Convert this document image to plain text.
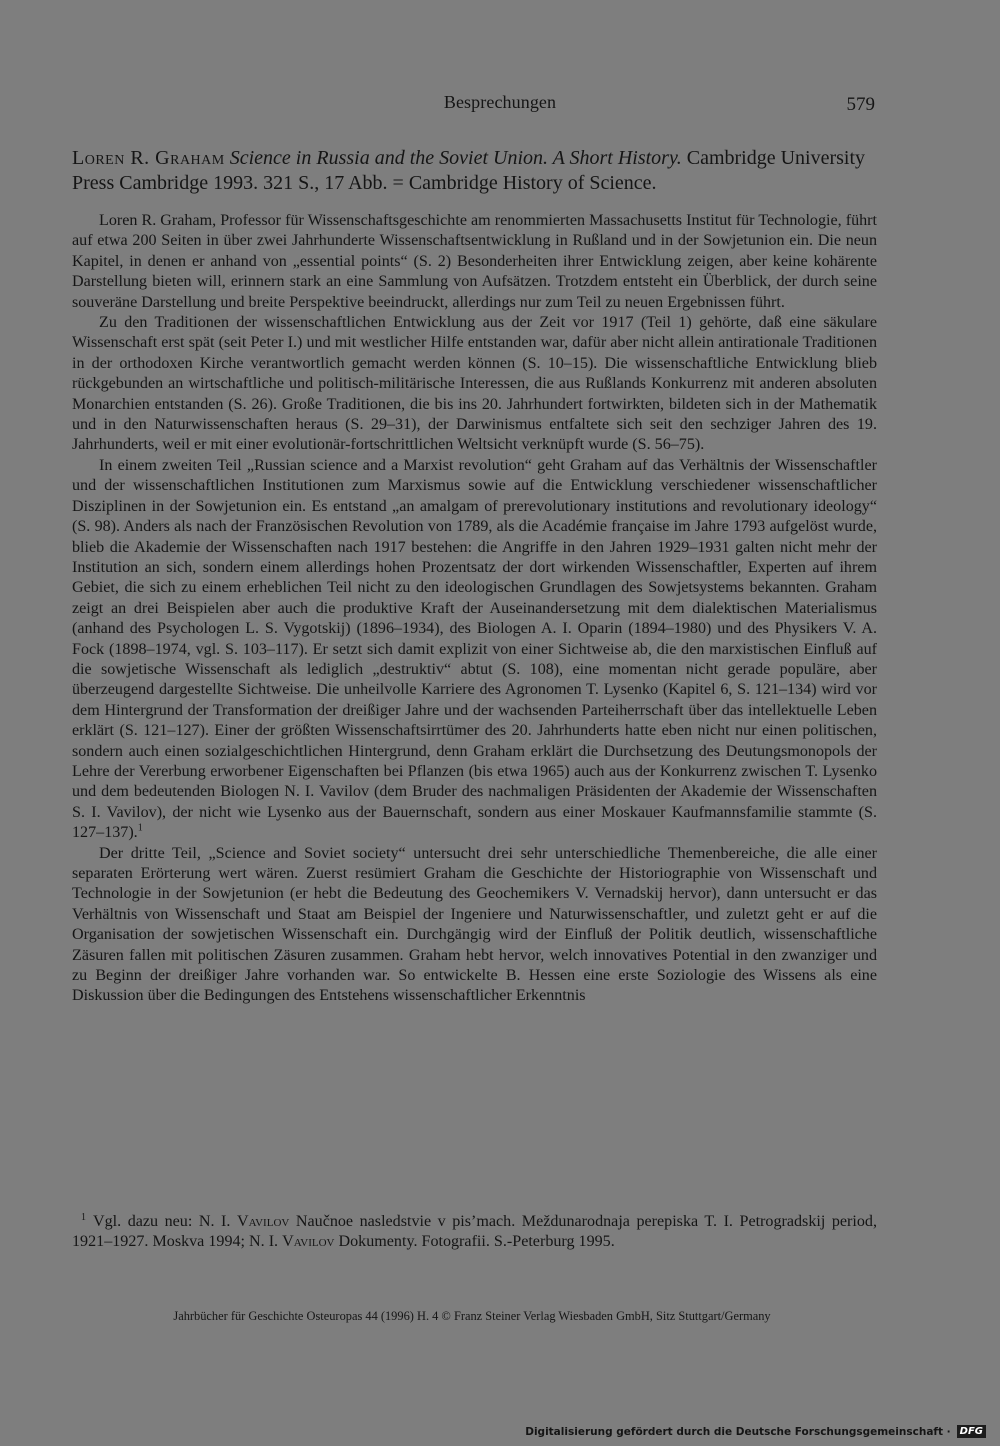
Besprechungen	579
Loren R. Graham Science in Russia and the Soviet Union. A Short History. Cambridge University Press Cambridge 1993. 321 S., 17 Abb. = Cambridge History of Science.

Loren R. Graham, Professor für Wissenschaftsgeschichte am renommierten Massachusetts Institut für Technologie, führt auf etwa 200 Seiten in über zwei Jahrhunderte Wissenschaftsentwicklung in Rußland und in der Sowjetunion ein. Die neun Kapitel, in denen er anhand von „essential points“ (S. 2) Besonderheiten ihrer Entwicklung zeigen, aber keine kohärente Darstellung bieten will, erinnern stark an eine Sammlung von Aufsätzen. Trotzdem entsteht ein Überblick, der durch seine souveräne Darstellung und breite Perspektive beeindruckt, allerdings nur zum Teil zu neuen Ergebnissen führt.

Zu den Traditionen der wissenschaftlichen Entwicklung aus der Zeit vor 1917 (Teil 1) gehörte, daß eine säkulare Wissenschaft erst spät (seit Peter I.) und mit westlicher Hilfe entstanden war, dafür aber nicht allein antirationale Traditionen in der orthodoxen Kirche verantwortlich gemacht werden können (S. 10–15). Die wissenschaftliche Entwicklung blieb rückgebunden an wirtschaftliche und politisch-militärische Interessen, die aus Rußlands Konkurrenz mit anderen absoluten Monarchien entstanden (S. 26). Große Traditionen, die bis ins 20. Jahrhundert fortwirkten, bildeten sich in der Mathematik und in den Naturwissenschaften heraus (S. 29–31), der Darwinismus entfaltete sich seit den sechziger Jahren des 19. Jahrhunderts, weil er mit einer evolutionär-fortschrittlichen Weltsicht verknüpft wurde (S. 56–75).

In einem zweiten Teil „Russian science and a Marxist revolution“ geht Graham auf das Verhältnis der Wissenschaftler und der wissenschaftlichen Institutionen zum Marxismus sowie auf die Entwicklung verschiedener wissenschaftlicher Disziplinen in der Sowjetunion ein. Es entstand „an amalgam of prerevolutionary institutions and revolutionary ideology“ (S. 98). Anders als nach der Französischen Revolution von 1789, als die Académie française im Jahre 1793 aufgelöst wurde, blieb die Akademie der Wissenschaften nach 1917 bestehen: die Angriffe in den Jahren 1929–1931 galten nicht mehr der Institution an sich, sondern einem allerdings hohen Prozentsatz der dort wirkenden Wissenschaftler, Experten auf ihrem Gebiet, die sich zu einem erheblichen Teil nicht zu den ideologischen Grundlagen des Sowjetsystems bekannten. Graham zeigt an drei Beispielen aber auch die produktive Kraft der Auseinandersetzung mit dem dialektischen Materialismus (anhand des Psychologen L. S. Vygotskij) (1896–1934), des Biologen A. I. Oparin (1894–1980) und des Physikers V. A. Fock (1898–1974, vgl. S. 103–117). Er setzt sich damit explizit von einer Sichtweise ab, die den marxistischen Einfluß auf die sowjetische Wissenschaft als lediglich „destruktiv“ abtut (S. 108), eine momentan nicht gerade populäre, aber überzeugend dargestellte Sichtweise. Die unheilvolle Karriere des Agronomen T. Lysenko (Kapitel 6, S. 121–134) wird vor dem Hintergrund der Transformation der dreißiger Jahre und der wachsenden Parteiherrschaft über das intellektuelle Leben erklärt (S. 121–127). Einer der größten Wissenschaftsirrtümer des 20. Jahrhunderts hatte eben nicht nur einen politischen, sondern auch einen sozialgeschichtlichen Hintergrund, denn Graham erklärt die Durchsetzung des Deutungsmonopols der Lehre der Vererbung erworbener Eigenschaften bei Pflanzen (bis etwa 1965) auch aus der Konkurrenz zwischen T. Lysenko und dem bedeutenden Biologen N. I. Vavilov (dem Bruder des nachmaligen Präsidenten der Akademie der Wissenschaften S. I. Vavilov), der nicht wie Lysenko aus der Bauernschaft, sondern aus einer Moskauer Kaufmannsfamilie stammte (S. 127–137).$^1$

Der dritte Teil, „Science and Soviet society“ untersucht drei sehr unterschiedliche Themenbereiche, die alle einer separaten Erörterung wert wären. Zuerst resümiert Graham die Geschichte der Historiographie von Wissenschaft und Technologie in der Sowjetunion (er hebt die Bedeutung des Geochemikers V. Vernadskij hervor), dann untersucht er das Verhältnis von Wissenschaft und Staat am Beispiel der Ingeniere und Naturwissenschaftler, und zuletzt geht er auf die Organisation der sowjetischen Wissenschaft ein. Durchgängig wird der Einfluß der Politik deutlich, wissenschaftliche Zäsuren fallen mit politischen Zäsuren zusammen. Graham hebt hervor, welch innovatives Potential in den zwanziger und zu Beginn der dreißiger Jahre vorhanden war. So entwickelte B. Hessen eine erste Soziologie des Wissens als eine Diskussion über die Bedingungen des Entstehens wissenschaftlicher Erkenntnis

$^1$ Vgl. dazu neu: N. I. Vavilov Naučnoe nasledstvie v pis’mach. Meždunarodnaja perepiska T. I. Petrogradskij period, 1921–1927. Moskva 1994; N. I. Vavilov Dokumenty. Fotografii. S.-Peterburg 1995.

Jahrbücher für Geschichte Osteuropas 44 (1996) H. 4 © Franz Steiner Verlag Wiesbaden GmbH, Sitz Stuttgart/Germany
Digitalisierung gefördert durch die Deutsche Forschungsgemeinschaft · DFG
